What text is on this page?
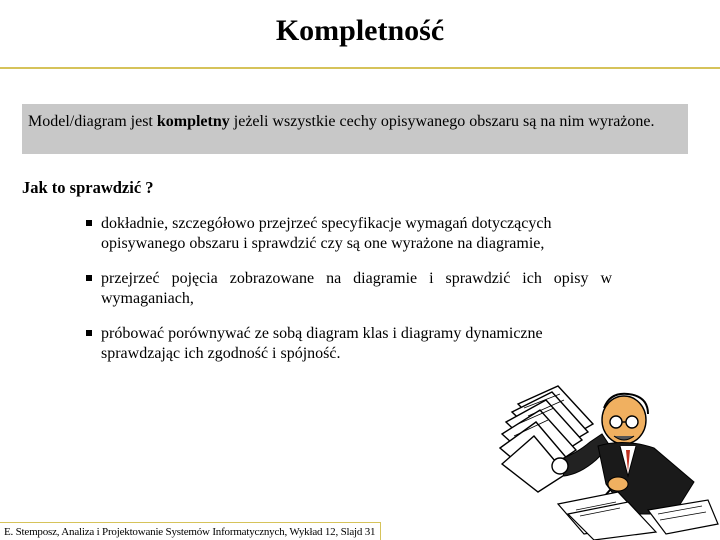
Kompletność
Model/diagram jest kompletny jeżeli wszystkie cechy opisywanego obszaru są na nim wyrażone.
Jak to sprawdzić ?
dokładnie, szczegółowo przejrzeć specyfikacje wymagań dotyczących opisywanego obszaru i sprawdzić czy są one wyrażone na diagramie,
przejrzeć pojęcia zobrazowane na diagramie i sprawdzić ich opisy w wymaganiach,
próbować porównywać ze sobą diagram klas i diagramy dynamiczne sprawdzając ich zgodność i spójność.
E. Stemposz, Analiza i Projektowanie Systemów Informatycznych, Wykład 12, Slajd 31
